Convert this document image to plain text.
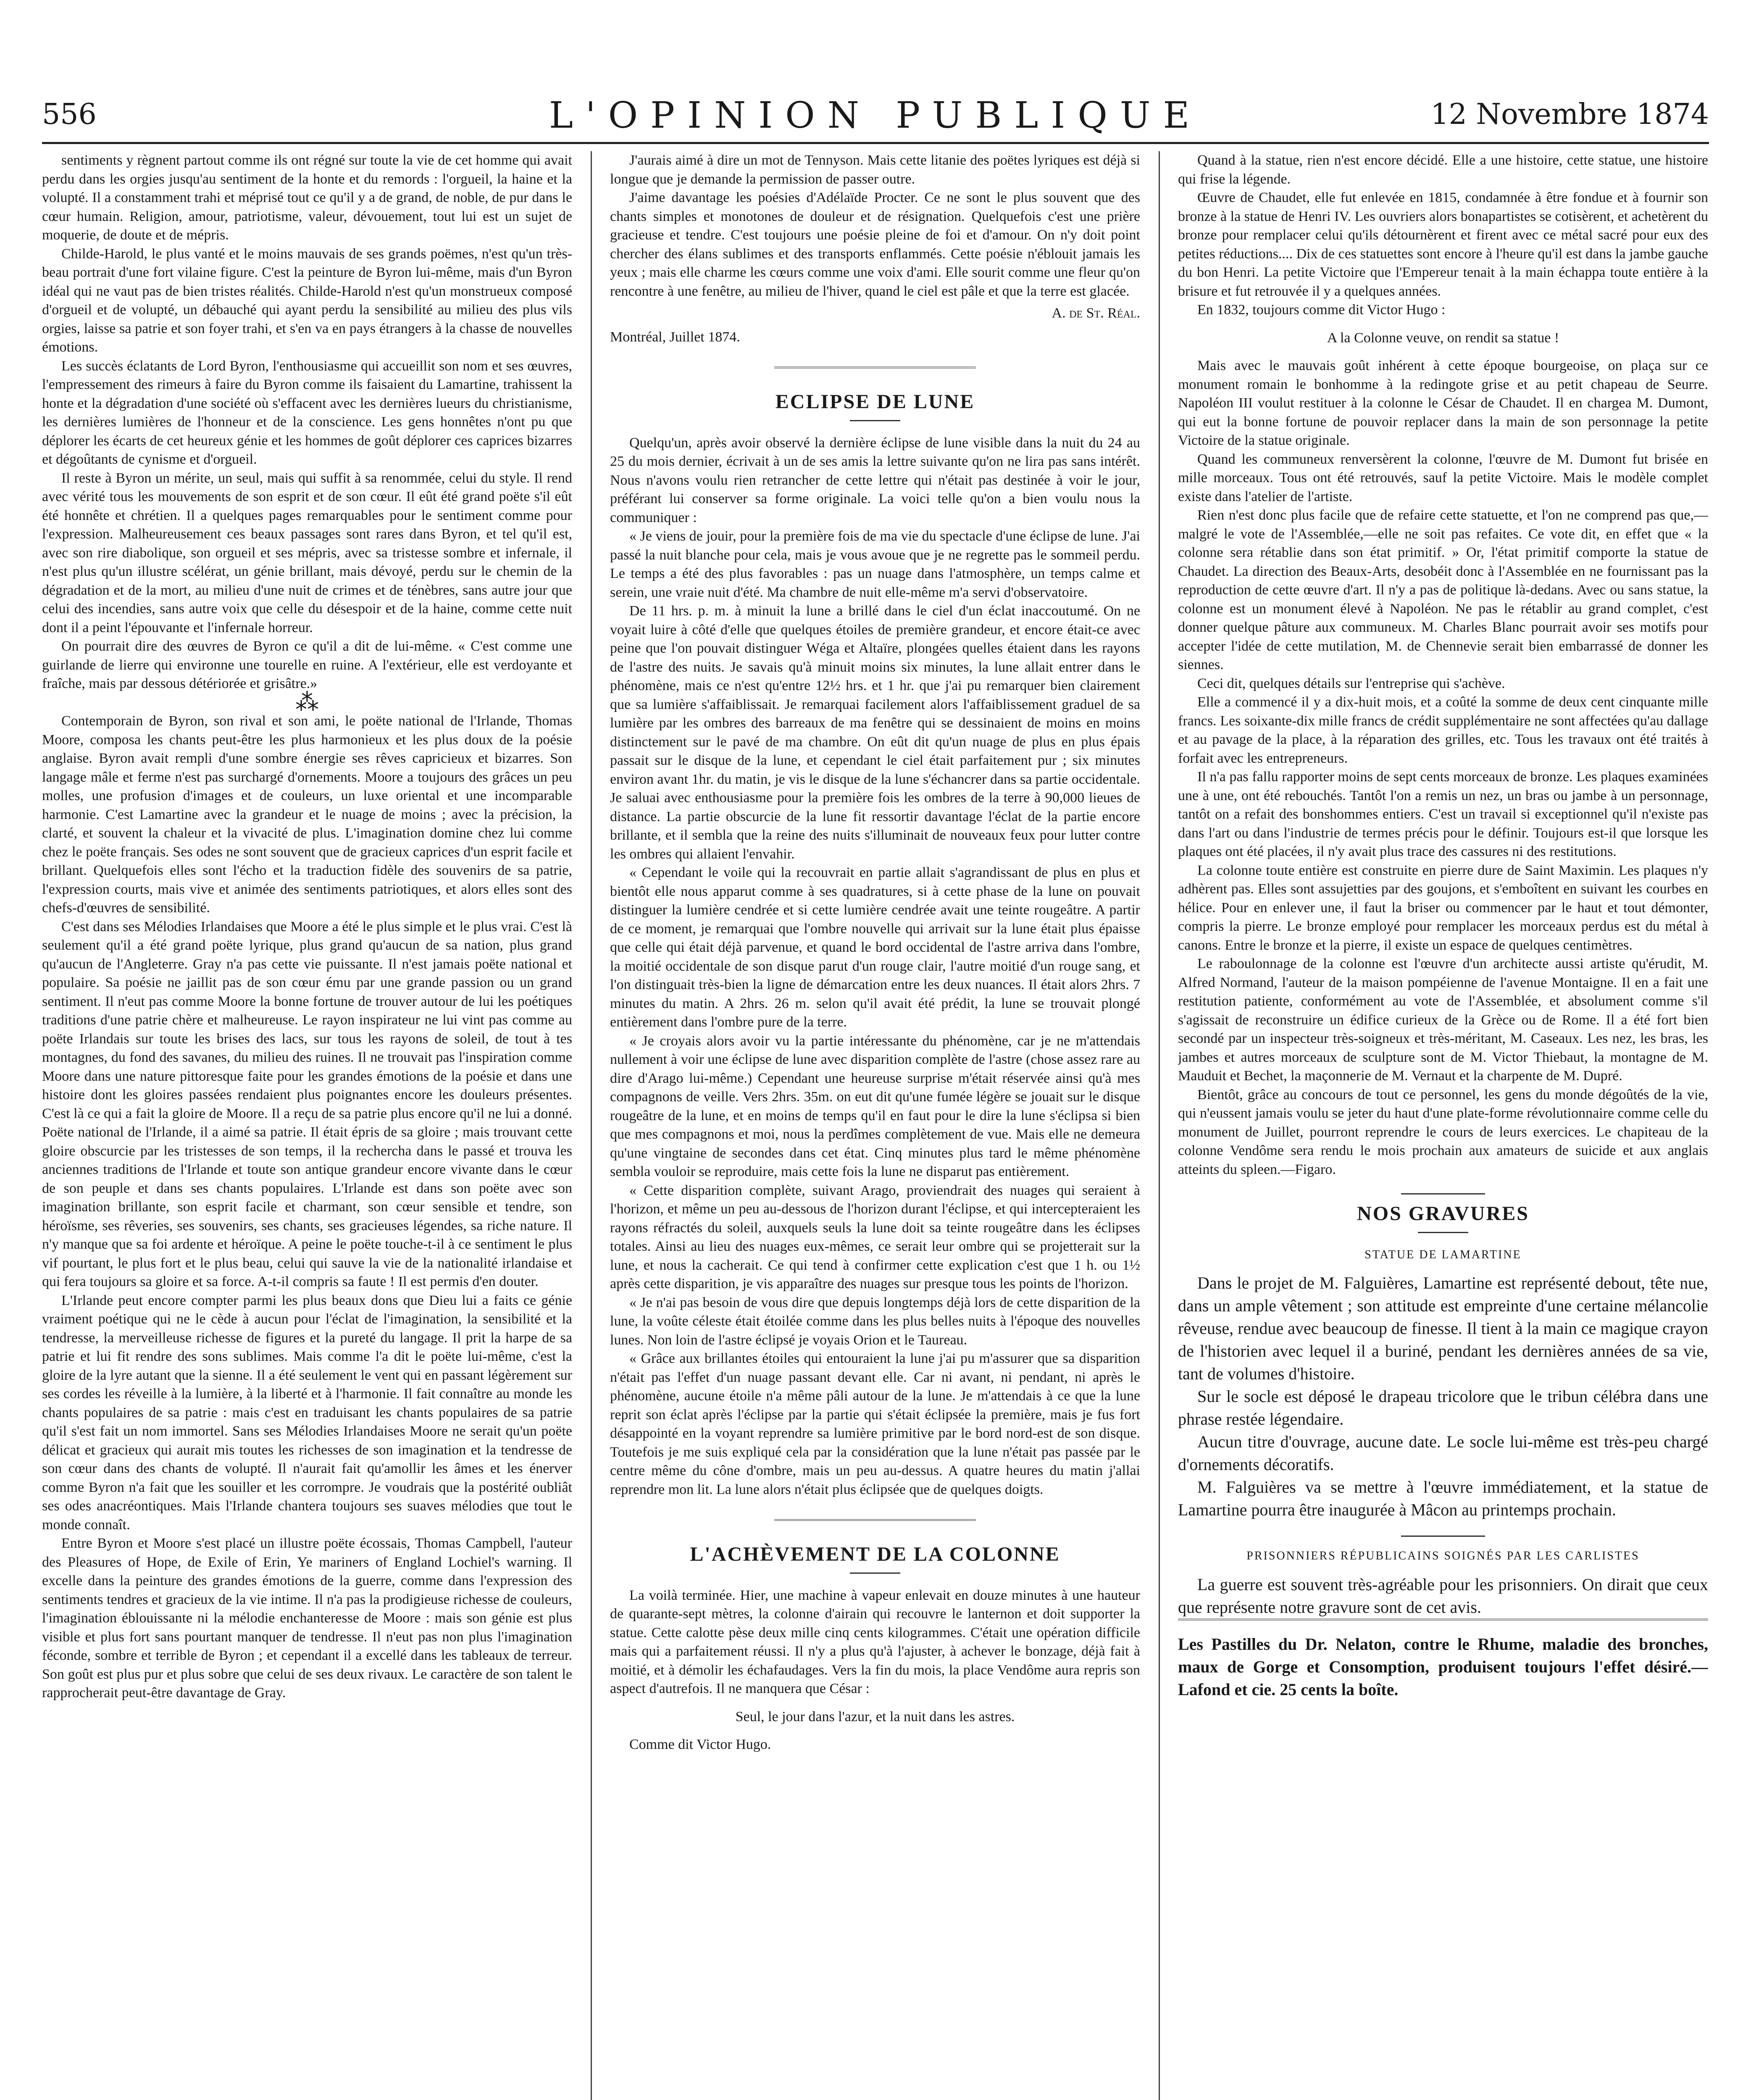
556	L'OPINION PUBLIQUE	12 Novembre 1874

sentiments y règnent partout comme ils ont régné sur toute la vie de cet homme qui avait perdu dans les orgies jusqu'au sentiment de la honte et du remords : l'orgueil, la haine et la volupté. Il a constamment trahi et méprisé tout ce qu'il y a de grand, de noble, de pur dans le cœur humain. Religion, amour, patriotisme, valeur, dévouement, tout lui est un sujet de moquerie, de doute et de mépris.

Childe-Harold, le plus vanté et le moins mauvais de ses grands poëmes, n'est qu'un très-beau portrait d'une fort vilaine figure. C'est la peinture de Byron lui-même, mais d'un Byron idéal qui ne vaut pas de bien tristes réalités. Childe-Harold n'est qu'un monstrueux composé d'orgueil et de volupté, un débauché qui ayant perdu la sensibilité au milieu des plus vils orgies, laisse sa patrie et son foyer trahi, et s'en va en pays étrangers à la chasse de nouvelles émotions.

Les succès éclatants de Lord Byron, l'enthousiasme qui accueillit son nom et ses œuvres, l'empressement des rimeurs à faire du Byron comme ils faisaient du Lamartine, trahissent la honte et la dégradation d'une société où s'effacent avec les dernières lueurs du christianisme, les dernières lumières de l'honneur et de la conscience. Les gens honnêtes n'ont pu que déplorer les écarts de cet heureux génie et les hommes de goût déplorer ces caprices bizarres et dégoûtants de cynisme et d'orgueil.

Il reste à Byron un mérite, un seul, mais qui suffit à sa renommée, celui du style. Il rend avec vérité tous les mouvements de son esprit et de son cœur. Il eût été grand poëte s'il eût été honnête et chrétien. Il a quelques pages remarquables pour le sentiment comme pour l'expression. Malheureusement ces beaux passages sont rares dans Byron, et tel qu'il est, avec son rire diabolique, son orgueil et ses mépris, avec sa tristesse sombre et infernale, il n'est plus qu'un illustre scélérat, un génie brillant, mais dévoyé, perdu sur le chemin de la dégradation et de la mort, au milieu d'une nuit de crimes et de ténèbres, sans autre jour que celui des incendies, sans autre voix que celle du désespoir et de la haine, comme cette nuit dont il a peint l'épouvante et l'infernale horreur.

On pourrait dire des œuvres de Byron ce qu'il a dit de lui-même. « C'est comme une guirlande de lierre qui environne une tourelle en ruine. A l'extérieur, elle est verdoyante et fraîche, mais par dessous détériorée et grisâtre.»

⁂

Contemporain de Byron, son rival et son ami, le poëte national de l'Irlande, Thomas Moore, composa les chants peut-être les plus harmonieux et les plus doux de la poésie anglaise. Byron avait rempli d'une sombre énergie ses rêves capricieux et bizarres. Son langage mâle et ferme n'est pas surchargé d'ornements. Moore a toujours des grâces un peu molles, une profusion d'images et de couleurs, un luxe oriental et une incomparable harmonie. C'est Lamartine avec la grandeur et le nuage de moins ; avec la précision, la clarté, et souvent la chaleur et la vivacité de plus. L'imagination domine chez lui comme chez le poëte français. Ses odes ne sont souvent que de gracieux caprices d'un esprit facile et brillant. Quelquefois elles sont l'écho et la traduction fidèle des souvenirs de sa patrie, l'expression courts, mais vive et animée des sentiments patriotiques, et alors elles sont des chefs-d'œuvres de sensibilité.

C'est dans ses Mélodies Irlandaises que Moore a été le plus simple et le plus vrai. C'est là seulement qu'il a été grand poëte lyrique, plus grand qu'aucun de sa nation, plus grand qu'aucun de l'Angleterre. Gray n'a pas cette vie puissante. Il n'est jamais poëte national et populaire. Sa poésie ne jaillit pas de son cœur ému par une grande passion ou un grand sentiment. Il n'eut pas comme Moore la bonne fortune de trouver autour de lui les poétiques traditions d'une patrie chère et malheureuse. Le rayon inspirateur ne lui vint pas comme au poëte Irlandais sur toute les brises des lacs, sur tous les rayons de soleil, de tout à tes montagnes, du fond des savanes, du milieu des ruines. Il ne trouvait pas l'inspiration comme Moore dans une nature pittoresque faite pour les grandes émotions de la poésie et dans une histoire dont les gloires passées rendaient plus poignantes encore les douleurs présentes. C'est là ce qui a fait la gloire de Moore. Il a reçu de sa patrie plus encore qu'il ne lui a donné. Poëte national de l'Irlande, il a aimé sa patrie. Il était épris de sa gloire ; mais trouvant cette gloire obscurcie par les tristesses de son temps, il la rechercha dans le passé et trouva les anciennes traditions de l'Irlande et toute son antique grandeur encore vivante dans le cœur de son peuple et dans ses chants populaires. L'Irlande est dans son poëte avec son imagination brillante, son esprit facile et charmant, son cœur sensible et tendre, son héroïsme, ses rêveries, ses souvenirs, ses chants, ses gracieuses légendes, sa riche nature. Il n'y manque que sa foi ardente et héroïque. A peine le poëte touche-t-il à ce sentiment le plus vif pourtant, le plus fort et le plus beau, celui qui sauve la vie de la nationalité irlandaise et qui fera toujours sa gloire et sa force. A-t-il compris sa faute ! Il est permis d'en douter.

L'Irlande peut encore compter parmi les plus beaux dons que Dieu lui a faits ce génie vraiment poétique qui ne le cède à aucun pour l'éclat de l'imagination, la sensibilité et la tendresse, la merveilleuse richesse de figures et la pureté du langage. Il prit la harpe de sa patrie et lui fit rendre des sons sublimes. Mais comme l'a dit le poëte lui-même, c'est la gloire de la lyre autant que la sienne. Il a été seulement le vent qui en passant légèrement sur ses cordes les réveille à la lumière, à la liberté et à l'harmonie. Il fait connaître au monde les chants populaires de sa patrie : mais c'est en traduisant les chants populaires de sa patrie qu'il s'est fait un nom immortel. Sans ses Mélodies Irlandaises Moore ne serait qu'un poëte délicat et gracieux qui aurait mis toutes les richesses de son imagination et la tendresse de son cœur dans des chants de volupté. Il n'aurait fait qu'amollir les âmes et les énerver comme Byron n'a fait que les souiller et les corrompre. Je voudrais que la postérité oubliât ses odes anacréontiques. Mais l'Irlande chantera toujours ses suaves mélodies que tout le monde connaît.

Entre Byron et Moore s'est placé un illustre poëte écossais, Thomas Campbell, l'auteur des Pleasures of Hope, de Exile of Erin, Ye mariners of England Lochiel's warning. Il excelle dans la peinture des grandes émotions de la guerre, comme dans l'expression des sentiments tendres et gracieux de la vie intime. Il n'a pas la prodigieuse richesse de couleurs, l'imagination éblouissante ni la mélodie enchanteresse de Moore : mais son génie est plus visible et plus fort sans pourtant manquer de tendresse. Il n'eut pas non plus l'imagination féconde, sombre et terrible de Byron ; et cependant il a excellé dans les tableaux de terreur. Son goût est plus pur et plus sobre que celui de ses deux rivaux. Le caractère de son talent le rapprocherait peut-être davantage de Gray.

J'aurais aimé à dire un mot de Tennyson. Mais cette litanie des poëtes lyriques est déjà si longue que je demande la permission de passer outre.

J'aime davantage les poésies d'Adélaïde Procter. Ce ne sont le plus souvent que des chants simples et monotones de douleur et de résignation. Quelquefois c'est une prière gracieuse et tendre. C'est toujours une poésie pleine de foi et d'amour. On n'y doit point chercher des élans sublimes et des transports enflammés. Cette poésie n'éblouit jamais les yeux ; mais elle charme les cœurs comme une voix d'ami. Elle sourit comme une fleur qu'on rencontre à une fenêtre, au milieu de l'hiver, quand le ciel est pâle et que la terre est glacée.

A. de St. Réal.

Montréal, Juillet 1874.

ECLIPSE DE LUNE

Quelqu'un, après avoir observé la dernière éclipse de lune visible dans la nuit du 24 au 25 du mois dernier, écrivait à un de ses amis la lettre suivante qu'on ne lira pas sans intérêt. Nous n'avons voulu rien retrancher de cette lettre qui n'était pas destinée à voir le jour, préférant lui conserver sa forme originale. La voici telle qu'on a bien voulu nous la communiquer :

« Je viens de jouir, pour la première fois de ma vie du spectacle d'une éclipse de lune. J'ai passé la nuit blanche pour cela, mais je vous avoue que je ne regrette pas le sommeil perdu. Le temps a été des plus favorables : pas un nuage dans l'atmosphère, un temps calme et serein, une vraie nuit d'été. Ma chambre de nuit elle-même m'a servi d'observatoire.

De 11 hrs. p. m. à minuit la lune a brillé dans le ciel d'un éclat inaccoutumé. On ne voyait luire à côté d'elle que quelques étoiles de première grandeur, et encore était-ce avec peine que l'on pouvait distinguer Wéga et Altaïre, plongées quelles étaient dans les rayons de l'astre des nuits. Je savais qu'à minuit moins six minutes, la lune allait entrer dans le phénomène, mais ce n'est qu'entre 12½ hrs. et 1 hr. que j'ai pu remarquer bien clairement que sa lumière s'affaiblissait. Je remarquai facilement alors l'affaiblissement graduel de sa lumière par les ombres des barreaux de ma fenêtre qui se dessinaient de moins en moins distinctement sur le pavé de ma chambre. On eût dit qu'un nuage de plus en plus épais passait sur le disque de la lune, et cependant le ciel était parfaitement pur ; six minutes environ avant 1hr. du matin, je vis le disque de la lune s'échancrer dans sa partie occidentale. Je saluai avec enthousiasme pour la première fois les ombres de la terre à 90,000 lieues de distance. La partie obscurcie de la lune fit ressortir davantage l'éclat de la partie encore brillante, et il sembla que la reine des nuits s'illuminait de nouveaux feux pour lutter contre les ombres qui allaient l'envahir.

« Cependant le voile qui la recouvrait en partie allait s'agrandissant de plus en plus et bientôt elle nous apparut comme à ses quadratures, si à cette phase de la lune on pouvait distinguer la lumière cendrée et si cette lumière cendrée avait une teinte rougeâtre. A partir de ce moment, je remarquai que l'ombre nouvelle qui arrivait sur la lune était plus épaisse que celle qui était déjà parvenue, et quand le bord occidental de l'astre arriva dans l'ombre, la moitié occidentale de son disque parut d'un rouge clair, l'autre moitié d'un rouge sang, et l'on distinguait très-bien la ligne de démarcation entre les deux nuances. Il était alors 2hrs. 7 minutes du matin. A 2hrs. 26 m. selon qu'il avait été prédit, la lune se trouvait plongé entièrement dans l'ombre pure de la terre.

« Je croyais alors avoir vu la partie intéressante du phénomène, car je ne m'attendais nullement à voir une éclipse de lune avec disparition complète de l'astre (chose assez rare au dire d'Arago lui-même.) Cependant une heureuse surprise m'était réservée ainsi qu'à mes compagnons de veille. Vers 2hrs. 35m. on eut dit qu'une fumée légère se jouait sur le disque rougeâtre de la lune, et en moins de temps qu'il en faut pour le dire la lune s'éclipsa si bien que mes compagnons et moi, nous la perdîmes complètement de vue. Mais elle ne demeura qu'une vingtaine de secondes dans cet état. Cinq minutes plus tard le même phénomène sembla vouloir se reproduire, mais cette fois la lune ne disparut pas entièrement.

« Cette disparition complète, suivant Arago, proviendrait des nuages qui seraient à l'horizon, et même un peu au-dessous de l'horizon durant l'éclipse, et qui intercepteraient les rayons réfractés du soleil, auxquels seuls la lune doit sa teinte rougeâtre dans les éclipses totales. Ainsi au lieu des nuages eux-mêmes, ce serait leur ombre qui se projetterait sur la lune, et nous la cacherait. Ce qui tend à confirmer cette explication c'est que 1 h. ou 1½ après cette disparition, je vis apparaître des nuages sur presque tous les points de l'horizon.

« Je n'ai pas besoin de vous dire que depuis longtemps déjà lors de cette disparition de la lune, la voûte céleste était étoilée comme dans les plus belles nuits à l'époque des nouvelles lunes. Non loin de l'astre éclipsé je voyais Orion et le Taureau.

« Grâce aux brillantes étoiles qui entouraient la lune j'ai pu m'assurer que sa disparition n'était pas l'effet d'un nuage passant devant elle. Car ni avant, ni pendant, ni après le phénomène, aucune étoile n'a même pâli autour de la lune. Je m'attendais à ce que la lune reprit son éclat après l'éclipse par la partie qui s'était éclipsée la première, mais je fus fort désappointé en la voyant reprendre sa lumière primitive par le bord nord-est de son disque. Toutefois je me suis expliqué cela par la considération que la lune n'était pas passée par le centre même du cône d'ombre, mais un peu au-dessus. A quatre heures du matin j'allai reprendre mon lit. La lune alors n'était plus éclipsée que de quelques doigts.

L'ACHÈVEMENT DE LA COLONNE

La voilà terminée. Hier, une machine à vapeur enlevait en douze minutes à une hauteur de quarante-sept mètres, la colonne d'airain qui recouvre le lanternon et doit supporter la statue. Cette calotte pèse deux mille cinq cents kilogrammes. C'était une opération difficile mais qui a parfaitement réussi. Il n'y a plus qu'à l'ajuster, à achever le bonzage, déjà fait à moitié, et à démolir les échafaudages. Vers la fin du mois, la place Vendôme aura repris son aspect d'autrefois. Il ne manquera que César :

Seul, le jour dans l'azur, et la nuit dans les astres.

Comme dit Victor Hugo.

Quand à la statue, rien n'est encore décidé. Elle a une histoire, cette statue, une histoire qui frise la légende.

Œuvre de Chaudet, elle fut enlevée en 1815, condamnée à être fondue et à fournir son bronze à la statue de Henri IV. Les ouvriers alors bonapartistes se cotisèrent, et achetèrent du bronze pour remplacer celui qu'ils détournèrent et firent avec ce métal sacré pour eux des petites réductions.... Dix de ces statuettes sont encore à l'heure qu'il est dans la jambe gauche du bon Henri. La petite Victoire que l'Empereur tenait à la main échappa toute entière à la brisure et fut retrouvée il y a quelques années.

En 1832, toujours comme dit Victor Hugo :

A la Colonne veuve, on rendit sa statue !

Mais avec le mauvais goût inhérent à cette époque bourgeoise, on plaça sur ce monument romain le bonhomme à la redingote grise et au petit chapeau de Seurre. Napoléon III voulut restituer à la colonne le César de Chaudet. Il en chargea M. Dumont, qui eut la bonne fortune de pouvoir replacer dans la main de son personnage la petite Victoire de la statue originale.

Quand les communeux renversèrent la colonne, l'œuvre de M. Dumont fut brisée en mille morceaux. Tous ont été retrouvés, sauf la petite Victoire. Mais le modèle complet existe dans l'atelier de l'artiste.

Rien n'est donc plus facile que de refaire cette statuette, et l'on ne comprend pas que,—malgré le vote de l'Assemblée,—elle ne soit pas refaites. Ce vote dit, en effet que « la colonne sera rétablie dans son état primitif. » Or, l'état primitif comporte la statue de Chaudet. La direction des Beaux-Arts, desobéit donc à l'Assemblée en ne fournissant pas la reproduction de cette œuvre d'art. Il n'y a pas de politique là-dedans. Avec ou sans statue, la colonne est un monument élevé à Napoléon. Ne pas le rétablir au grand complet, c'est donner quelque pâture aux communeux. M. Charles Blanc pourrait avoir ses motifs pour accepter l'idée de cette mutilation, M. de Chennevie serait bien embarrassé de donner les siennes.

Ceci dit, quelques détails sur l'entreprise qui s'achève.

Elle a commencé il y a dix-huit mois, et a coûté la somme de deux cent cinquante mille francs. Les soixante-dix mille francs de crédit supplémentaire ne sont affectées qu'au dallage et au pavage de la place, à la réparation des grilles, etc. Tous les travaux ont été traités à forfait avec les entrepreneurs.

Il n'a pas fallu rapporter moins de sept cents morceaux de bronze. Les plaques examinées une à une, ont été rebouchés. Tantôt l'on a remis un nez, un bras ou jambe à un personnage, tantôt on a refait des bonshommes entiers. C'est un travail si exceptionnel qu'il n'existe pas dans l'art ou dans l'industrie de termes précis pour le définir. Toujours est-il que lorsque les plaques ont été placées, il n'y avait plus trace des cassures ni des restitutions.

La colonne toute entière est construite en pierre dure de Saint Maximin. Les plaques n'y adhèrent pas. Elles sont assujetties par des goujons, et s'emboîtent en suivant les courbes en hélice. Pour en enlever une, il faut la briser ou commencer par le haut et tout démonter, compris la pierre. Le bronze employé pour remplacer les morceaux perdus est du métal à canons. Entre le bronze et la pierre, il existe un espace de quelques centimètres.

Le raboulonnage de la colonne est l'œuvre d'un architecte aussi artiste qu'érudit, M. Alfred Normand, l'auteur de la maison pompéienne de l'avenue Montaigne. Il en a fait une restitution patiente, conformément au vote de l'Assemblée, et absolument comme s'il s'agissait de reconstruire un édifice curieux de la Grèce ou de Rome. Il a été fort bien secondé par un inspecteur très-soigneux et très-méritant, M. Caseaux. Les nez, les bras, les jambes et autres morceaux de sculpture sont de M. Victor Thiebaut, la montagne de M. Mauduit et Bechet, la maçonnerie de M. Vernaut et la charpente de M. Dupré.

Bientôt, grâce au concours de tout ce personnel, les gens du monde dégoûtés de la vie, qui n'eussent jamais voulu se jeter du haut d'une plate-forme révolutionnaire comme celle du monument de Juillet, pourront reprendre le cours de leurs exercices. Le chapiteau de la colonne Vendôme sera rendu le mois prochain aux amateurs de suicide et aux anglais atteints du spleen.—Figaro.

NOS GRAVURES
STATUE DE LAMARTINE

Dans le projet de M. Falguières, Lamartine est représenté debout, tête nue, dans un ample vêtement ; son attitude est empreinte d'une certaine mélancolie rêveuse, rendue avec beaucoup de finesse. Il tient à la main ce magique crayon de l'historien avec lequel il a buriné, pendant les dernières années de sa vie, tant de volumes d'histoire.

Sur le socle est déposé le drapeau tricolore que le tribun célébra dans une phrase restée légendaire.

Aucun titre d'ouvrage, aucune date. Le socle lui-même est très-peu chargé d'ornements décoratifs.

M. Falguières va se mettre à l'œuvre immédiatement, et la statue de Lamartine pourra être inaugurée à Mâcon au printemps prochain.

PRISONNIERS RÉPUBLICAINS SOIGNÉS PAR LES CARLISTES

La guerre est souvent très-agréable pour les prisonniers. On dirait que ceux que représente notre gravure sont de cet avis.

Les Pastilles du Dr. Nelaton, contre le Rhume, maladie des bronches, maux de Gorge et Consomption, produisent toujours l'effet désiré.—Lafond et cie. 25 cents la boîte.
